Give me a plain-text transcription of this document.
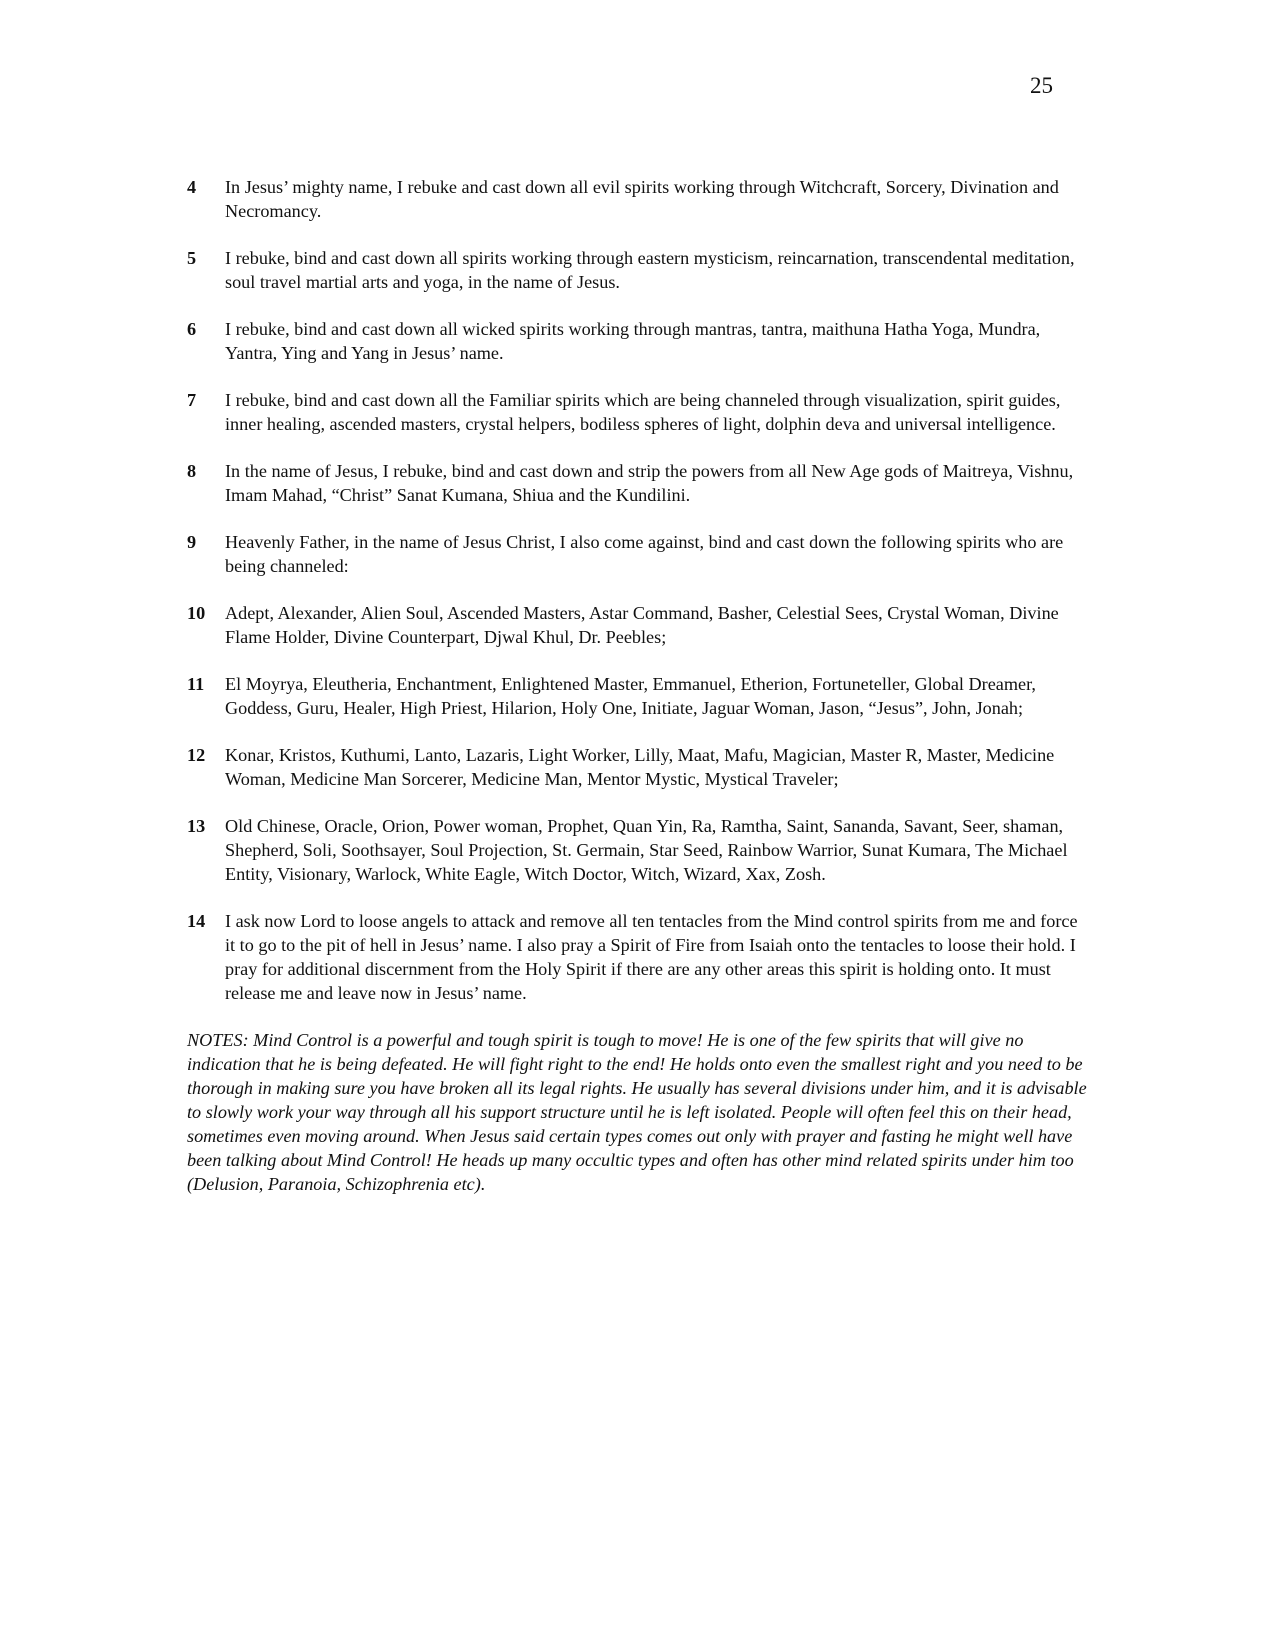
25
4	In Jesus’ mighty name, I rebuke and cast down all evil spirits working through Witchcraft, Sorcery, Divination and Necromancy.
5	I rebuke, bind and cast down all spirits working through eastern mysticism, reincarnation, transcendental meditation, soul travel martial arts and yoga, in the name of Jesus.
6	I rebuke, bind and cast down all wicked spirits working through mantras, tantra, maithuna Hatha Yoga, Mundra, Yantra, Ying and Yang in Jesus’ name.
7	I rebuke, bind and cast down all the Familiar spirits which are being channeled through visualization, spirit guides, inner healing, ascended masters, crystal helpers, bodiless spheres of light, dolphin deva and universal intelligence.
8	In the name of Jesus, I rebuke, bind and cast down and strip the powers from all New Age gods of Maitreya, Vishnu, Imam Mahad, “Christ” Sanat Kumana, Shiua and the Kundilini.
9	Heavenly Father, in the name of Jesus Christ, I also come against, bind and cast down the following spirits who are being channeled:
10	Adept, Alexander, Alien Soul, Ascended Masters, Astar Command, Basher, Celestial Sees, Crystal Woman, Divine Flame Holder, Divine Counterpart, Djwal Khul, Dr. Peebles;
11	El Moyrya, Eleutheria, Enchantment, Enlightened Master, Emmanuel, Etherion, Fortuneteller, Global Dreamer, Goddess, Guru, Healer, High Priest, Hilarion, Holy One, Initiate, Jaguar Woman, Jason, “Jesus”, John, Jonah;
12	Konar, Kristos, Kuthumi, Lanto, Lazaris, Light Worker, Lilly, Maat, Mafu, Magician, Master R, Master, Medicine Woman, Medicine Man Sorcerer, Medicine Man, Mentor Mystic, Mystical Traveler;
13	Old Chinese, Oracle, Orion, Power woman, Prophet, Quan Yin, Ra, Ramtha, Saint, Sananda, Savant, Seer, shaman, Shepherd, Soli, Soothsayer, Soul Projection, St. Germain, Star Seed, Rainbow Warrior, Sunat Kumara, The Michael Entity, Visionary, Warlock, White Eagle, Witch Doctor, Witch, Wizard, Xax, Zosh.
14	I ask now Lord to loose angels to attack and remove all ten tentacles from the Mind control spirits from me and force it to go to the pit of hell in Jesus’ name. I also pray a Spirit of Fire from Isaiah onto the tentacles to loose their hold. I pray for additional discernment from the Holy Spirit if there are any other areas this spirit is holding onto. It must release me and leave now in Jesus’ name.
NOTES: Mind Control is a powerful and tough spirit is tough to move! He is one of the few spirits that will give no indication that he is being defeated. He will fight right to the end! He holds onto even the smallest right and you need to be thorough in making sure you have broken all its legal rights. He usually has several divisions under him, and it is advisable to slowly work your way through all his support structure until he is left isolated. People will often feel this on their head, sometimes even moving around. When Jesus said certain types comes out only with prayer and fasting he might well have been talking about Mind Control! He heads up many occultic types and often has other mind related spirits under him too (Delusion, Paranoia, Schizophrenia etc).
